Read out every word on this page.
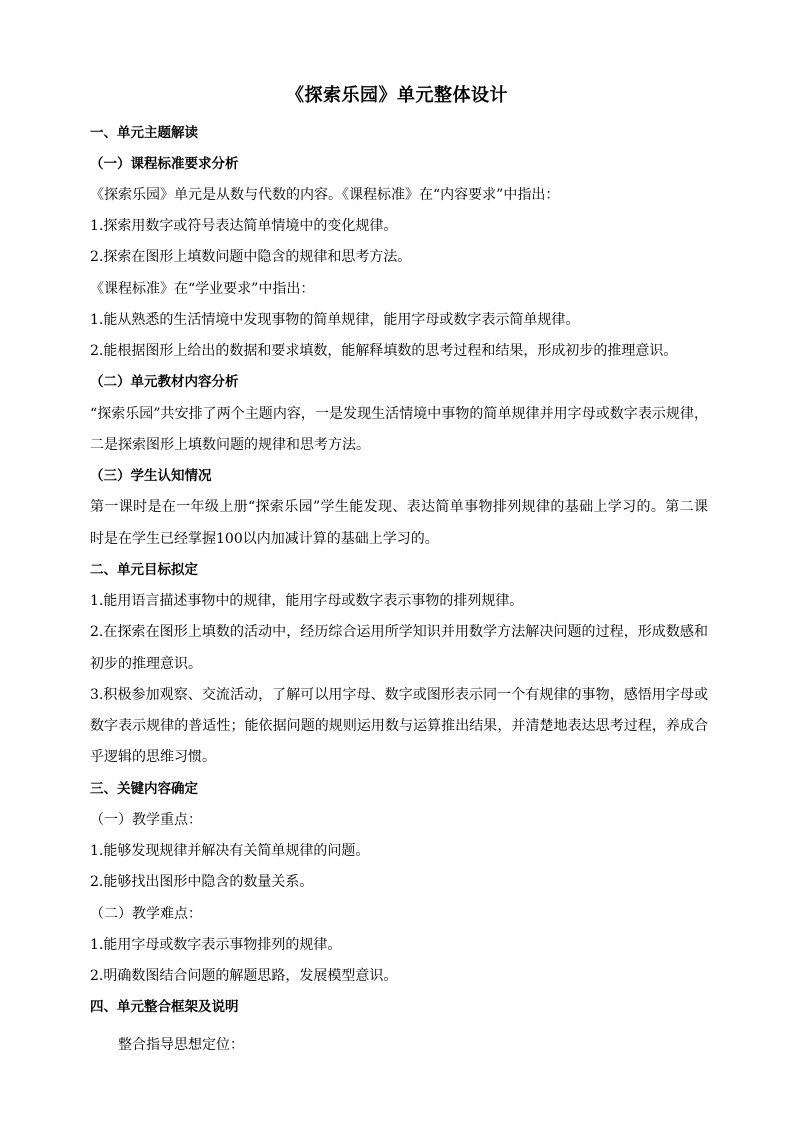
《探索乐园》单元整体设计
一、单元主题解读
（一）课程标准要求分析
《探索乐园》单元是从数与代数的内容。《课程标准》在“内容要求”中指出：
1.探索用数字或符号表达简单情境中的变化规律。
2.探索在图形上填数问题中隐含的规律和思考方法。
《课程标准》在“学业要求”中指出：
1.能从熟悉的生活情境中发现事物的简单规律，能用字母或数字表示简单规律。
2.能根据图形上给出的数据和要求填数，能解释填数的思考过程和结果，形成初步的推理意识。
（二）单元教材内容分析
“探索乐园”共安排了两个主题内容，一是发现生活情境中事物的简单规律并用字母或数字表示规律，
二是探索图形上填数问题的规律和思考方法。
（三）学生认知情况
第一课时是在一年级上册“探索乐园”学生能发现、表达简单事物排列规律的基础上学习的。第二课
时是在学生已经掌握100以内加减计算的基础上学习的。
二、单元目标拟定
1.能用语言描述事物中的规律，能用字母或数字表示事物的排列规律。
2.在探索在图形上填数的活动中，经历综合运用所学知识并用数学方法解决问题的过程，形成数感和
初步的推理意识。
3.积极参加观察、交流活动，了解可以用字母、数字或图形表示同一个有规律的事物，感悟用字母或
数字表示规律的普适性；能依据问题的规则运用数与运算推出结果，并清楚地表达思考过程，养成合
乎逻辑的思维习惯。
三、关键内容确定
（一）教学重点：
1.能够发现规律并解决有关简单规律的问题。
2.能够找出图形中隐含的数量关系。
（二）教学难点：
1.能用字母或数字表示事物排列的规律。
2.明确数图结合问题的解题思路，发展模型意识。
四、单元整合框架及说明
整合指导思想定位：
